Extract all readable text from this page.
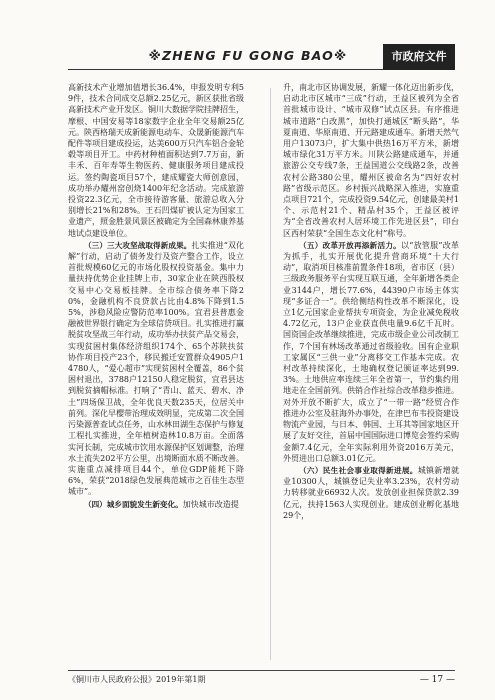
※ZHENG FU GONG BAO※	市政府文件

高新技术产业增加值增长36.4%，申报发明专利59件，技术合同成交总额2.25亿元，新区获批省级高新技术产业开发区。铜川大数据学院挂牌招生，摩根、中国安易等18家数字企业全年交易额25亿元。陕西格瑞天成新能源电动车、众晟新能源汽车配件等项目建成投运，达美600万只汽车铝合金轮毂等项目开工。中药材种植面积达到7.7万亩，新丰禾、百年寿等生物医药、健康服务项目建成投运。签约陶瓷项目57个，建成耀瓷大师创意园，成功举办耀州窑创烧1400年纪念活动。完成旅游投资22.3亿元，全市接待游客量、旅游总收入分别增长21%和28%。王石凹煤矿被认定为国家工业遗产，照金胜景风景区被确定为全国森林康养基地试点建设单位。

（三）三大攻坚战取得新成果。扎实推进“双化解”行动，启动了债务发行及资产整合工作，设立首批规模60亿元的市场化股权投资基金。集中力量扶持优势企业挂牌上市，30家企业在陕西股权交易中心交易板挂牌。全市综合债务率下降20%，金融机构不良贷款占比由4.8%下降到1.55%，涉稳风险应警防范率100%。宜君县普惠金融被世界银行确定为全球信贷项目。扎实推进打赢脱贫攻坚战三年行动，成功举办扶贫产品交易会，实现贫困村集体经济组织174个、65个苏陕扶贫协作项目投产23个，移民搬迁安置群众4905户14780人，“爱心超市”实现贫困村全覆盖，86个贫困村退出，3788户12150人稳定脱贫，宜君县达到脱贫摘帽标准。打响了“青山、蓝天、碧水、净土”四场保卫战，全年优良天数235天，位居关中前列。深化早樱带治理成效明显，完成第二次全国污染源普查试点任务，山水林田湖生态保护与修复工程扎实推进，全年植树造林10.8万亩。全面落实河长制，完成城市饮用水源保护区划调整，治理水土流失202平方公里，出境断面水质不断改善。实施重点减排项目44个，单位GDP能耗下降6%，荣获“2018绿色发展典范城市之百佳生态型城市”。

（四）城乡面貌发生新变化。加快城市改造提

升，南北市区协调发展，新耀一体化迈出新步伐，启动北市区城市“三成”行动，王益区被列为全省首批城市设计、“城市双修”试点区县。有序推进城市道路“白改黑”，加快打通城区“断头路”，华夏南道、华原南道、开元路建成通车。新增天然气用户13073户，扩大集中供热16万平方米，新增城市绿化31万平方米。川陕公路建成通车，并通旅游公交专线7条，王益国道公交线路2条，改善农村公路380公里，耀州区被命名为“四好农村路”省级示范区。乡村振兴战略深入推进，实施重点项目721个，完成投资9.54亿元，创建最美村1个、示范村21个、精品村35个，王益区被评为“全省改善农村人居环境工作先进区县”，印台区西村荣获“全国生态文化村”称号。

（五）改革开放再添新活力。以“放管服”改革为抓手，扎实开展优化提升营商环境“十大行动”，取消项目核准前置条件18项，省市区（县）三级政务服务平台实现互联互通，全年新增各类企业3144户，增长77.6%，44390户市场主体实现“多证合一”。供给侧结构性改革不断深化，设立1亿元国家企业帮扶专项资金，为企业减免税收4.72亿元，13户企业获直供电量9.6亿千瓦时。国资国企改革继续推进，完成市级企业公司改制工作，7个国有林场改革通过省级验收。国有企业职工家属区“三供一业”分离移交工作基本完成。农村改革持续深化，土地确权登记颁证率达到99.3%。土地供应率连续三年全省第一，节约集约用地走在全国前列。供销合作社综合改革稳步推进。对外开放不断扩大，成立了“一带一路”经贸合作推进办公室及驻海外办事处，在津巴布韦投资建设物流产业园，与日本、韩国、土耳其等国家地区开展了友好交往，首届中国国际进口博览会签约采购金额7.4亿元，全年实际利用外资2016万美元，外贸进出口总额3.01亿元。

（六）民生社会事业取得新进展。城镇新增就业10300人，城镇登记失业率3.23%，农村劳动力转移就业66932人次。发放创业担保贷款2.39亿元，扶持1563人实现创业。建成创业孵化基地29个，

《铜川市人民政府公报》2019年第1期	— 17 —
